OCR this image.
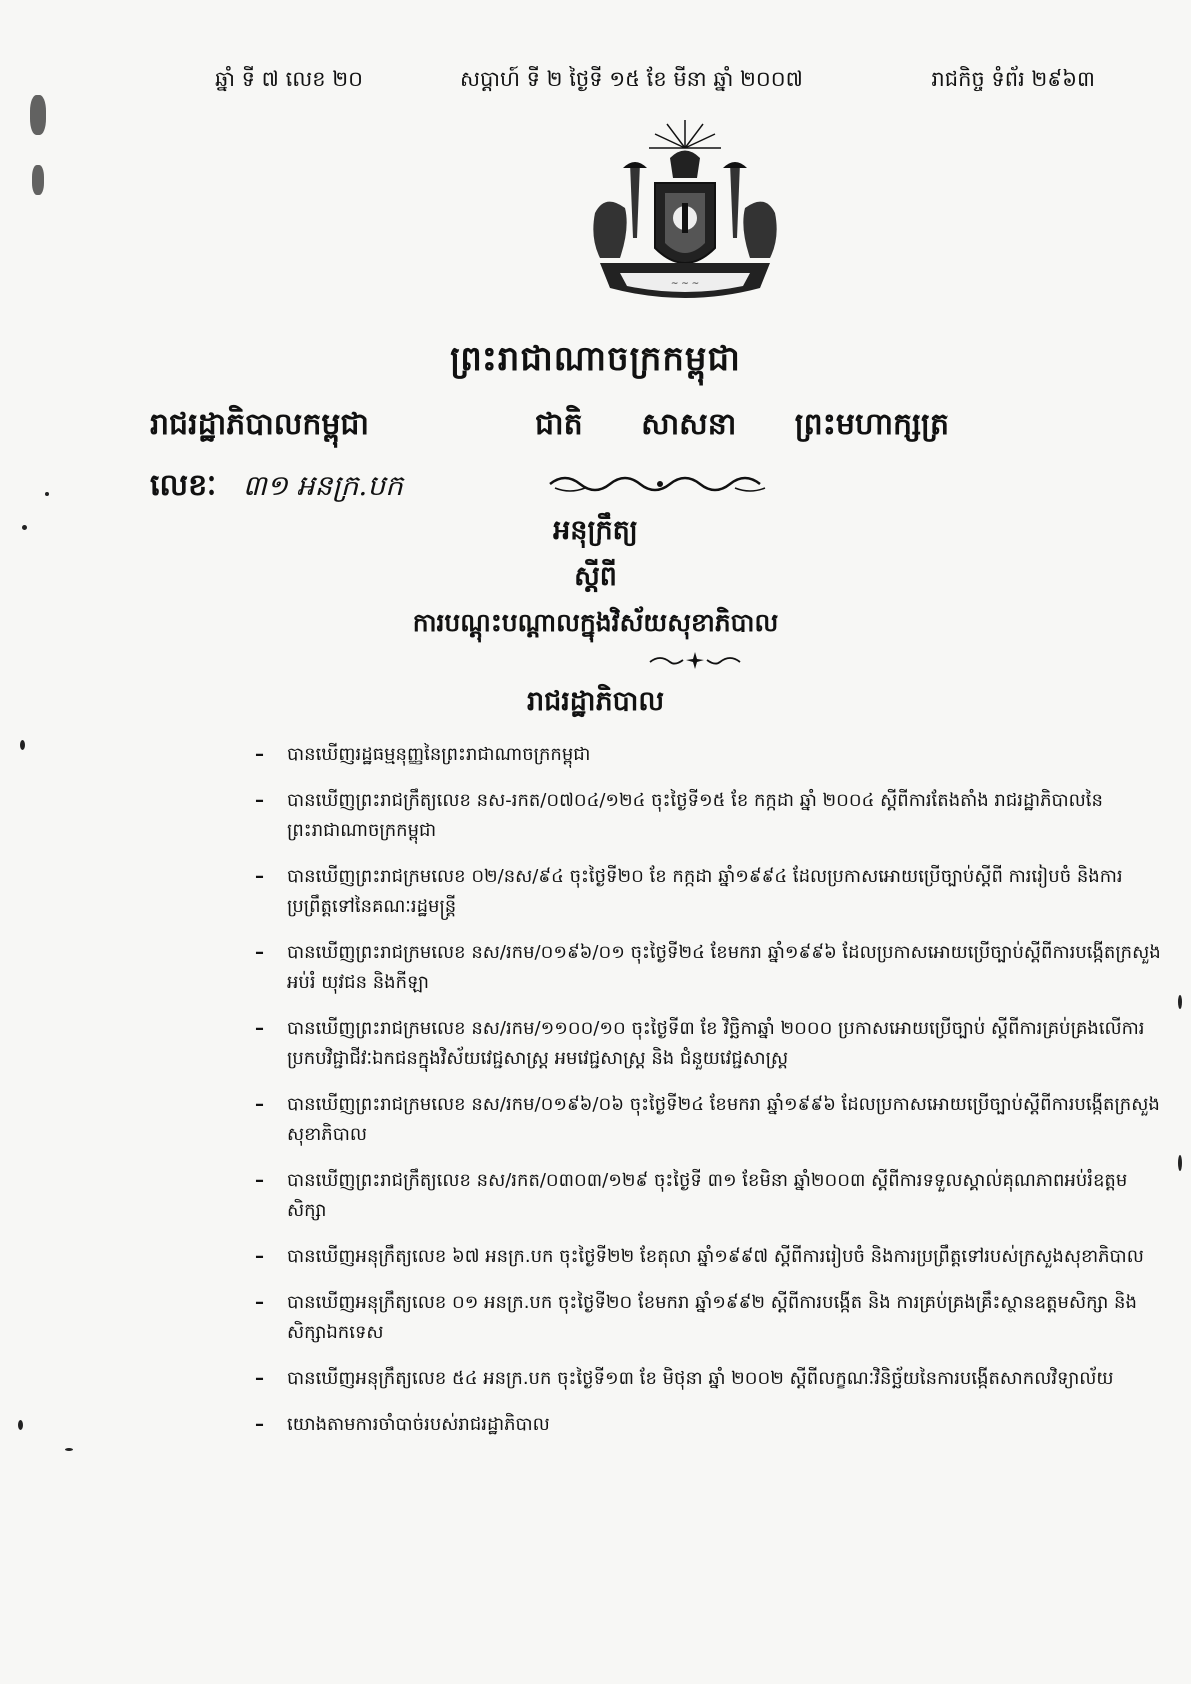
ឆ្នាំ ទី ៧ លេខ ២០	សប្តាហ៍ ទី ២ ថ្ងៃទី ១៥ ខែ មីនា ឆ្នាំ ២០០៧	រាជកិច្ច ទំព័រ ២៩៦៣
~ ~ ~
ព្រះរាជាណាចក្រកម្ពុជា
រាជរដ្ឋាភិបាលកម្ពុជា	ជាតិ សាសនា ព្រះមហាក្សត្រ
លេខៈ ៣១ អនក្រ.បក
អនុក្រឹត្យ
ស្តីពី
ការបណ្តុះបណ្តាលក្នុងវិស័យសុខាភិបាល
រាជរដ្ឋាភិបាល
– បានឃើញរដ្ឋធម្មនុញ្ញនៃព្រះរាជាណាចក្រកម្ពុជា
– បានឃើញព្រះរាជក្រឹត្យលេខ នស-រកត/០៧០៤/១២៤ ចុះថ្ងៃទី១៥ ខែ កក្កដា ឆ្នាំ ២០០៤ ស្តីពីការតែងតាំង រាជរដ្ឋាភិបាលនៃព្រះរាជាណាចក្រកម្ពុជា
– បានឃើញព្រះរាជក្រមលេខ ០២/នស/៩៤ ចុះថ្ងៃទី២០ ខែ កក្កដា ឆ្នាំ១៩៩៤ ដែលប្រកាសអោយប្រើច្បាប់ស្តីពី ការរៀបចំ និងការប្រព្រឹត្តទៅនៃគណៈរដ្ឋមន្ត្រី
– បានឃើញព្រះរាជក្រមលេខ នស/រកម/០១៩៦/០១ ចុះថ្ងៃទី២៤ ខែមករា ឆ្នាំ១៩៩៦ ដែលប្រកាសអោយប្រើច្បាប់ស្តីពីការបង្កើតក្រសួងអប់រំ យុវជន និងកីឡា
– បានឃើញព្រះរាជក្រមលេខ នស/រកម/១១០០/១០ ចុះថ្ងៃទី៣ ខែ វិច្ឆិកាឆ្នាំ ២០០០ ប្រកាសអោយប្រើច្បាប់ ស្តីពីការគ្រប់គ្រងលើការប្រកបវិជ្ជាជីវៈឯកជនក្នុងវិស័យវេជ្ជសាស្ត្រ អមវេជ្ជសាស្ត្រ និង ជំនួយវេជ្ជសាស្ត្រ
– បានឃើញព្រះរាជក្រមលេខ នស/រកម/០១៩៦/០៦ ចុះថ្ងៃទី២៤ ខែមករា ឆ្នាំ១៩៩៦ ដែលប្រកាសអោយប្រើច្បាប់ស្តីពីការបង្កើតក្រសួងសុខាភិបាល
– បានឃើញព្រះរាជក្រឹត្យលេខ នស/រកត/០៣០៣/១២៩ ចុះថ្ងៃទី ៣១ ខែមិនា ឆ្នាំ២០០៣ ស្តីពីការទទួលស្គាល់គុណភាពអប់រំឧត្តមសិក្សា
– បានឃើញអនុក្រឹត្យលេខ ៦៧ អនក្រ.បក ចុះថ្ងៃទី២២ ខែតុលា ឆ្នាំ១៩៩៧ ស្តីពីការរៀបចំ និងការប្រព្រឹត្តទៅរបស់ក្រសួងសុខាភិបាល
– បានឃើញអនុក្រឹត្យលេខ ០១ អនក្រ.បក ចុះថ្ងៃទី២០ ខែមករា ឆ្នាំ១៩៩២ ស្តីពីការបង្កើត និង ការគ្រប់គ្រងគ្រឹះស្ថានឧត្តមសិក្សា និង សិក្សាឯកទេស
– បានឃើញអនុក្រឹត្យលេខ ៥៤ អនក្រ.បក ចុះថ្ងៃទី១៣ ខែ មិថុនា ឆ្នាំ ២០០២ ស្តីពីលក្ខណៈវិនិច្ឆ័យនៃការបង្កើតសាកលវិទ្យាល័យ
– យោងតាមការចាំបាច់របស់រាជរដ្ឋាភិបាល
